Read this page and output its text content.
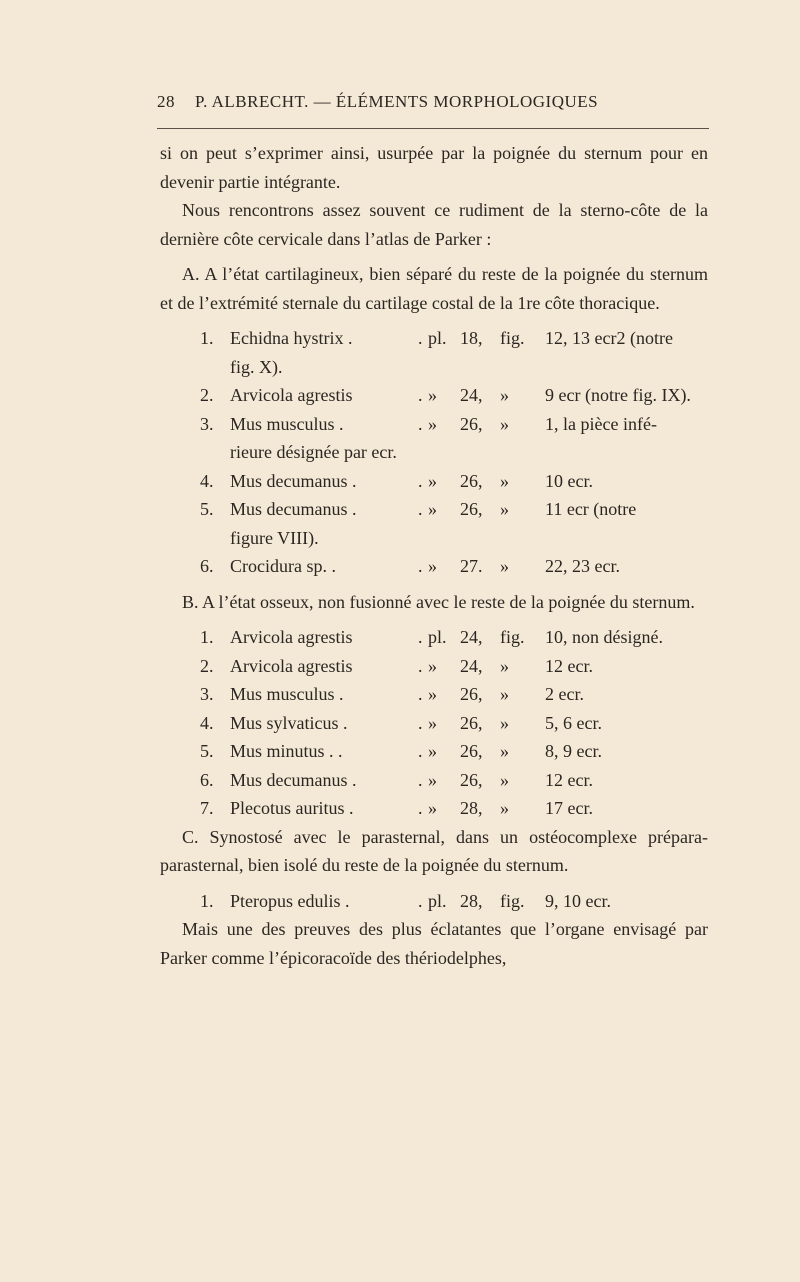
28 P. ALBRECHT. — ÉLÉMENTS MORPHOLOGIQUES

si on peut s’exprimer ainsi, usurpée par la poignée du sternum pour en devenir partie intégrante.

Nous rencontrons assez souvent ce rudiment de la sterno-côte de la dernière côte cervicale dans l’atlas de Parker :

A. A l’état cartilagineux, bien séparé du reste de la poignée du sternum et de l’extrémité sternale du cartilage costal de la 1re côte thoracique.

1. Echidna hystrix .	. pl. 18, fig. 12, 13 ecr2 (notre
fig. X).
2. Arvicola agrestis	. » 24, » 9 ecr (notre fig. IX).
3. Mus musculus .	. » 26, » 1, la pièce infé-
rieure désignée par ecr.
4. Mus decumanus .	. » 26, » 10 ecr.
5. Mus decumanus .	. » 26, » 11 ecr (notre
figure VIII).
6. Crocidura sp. .	. » 27. » 22, 23 ecr.

B. A l’état osseux, non fusionné avec le reste de la poignée du sternum.

1. Arvicola agrestis	. pl. 24, fig. 10, non désigné.
2. Arvicola agrestis	. » 24, » 12 ecr.
3. Mus musculus .	. » 26, » 2 ecr.
4. Mus sylvaticus .	. » 26, » 5, 6 ecr.
5. Mus minutus . .	. » 26, » 8, 9 ecr.
6. Mus decumanus .	. » 26, » 12 ecr.
7. Plecotus auritus .	. » 28, » 17 ecr.

C. Synostosé avec le parasternal, dans un ostéocomplexe prépara-parasternal, bien isolé du reste de la poignée du sternum.

1. Pteropus edulis .	. pl. 28, fig. 9, 10 ecr.

Mais une des preuves des plus éclatantes que l’organe envisagé par Parker comme l’épicoracoïde des thériodelphes,
